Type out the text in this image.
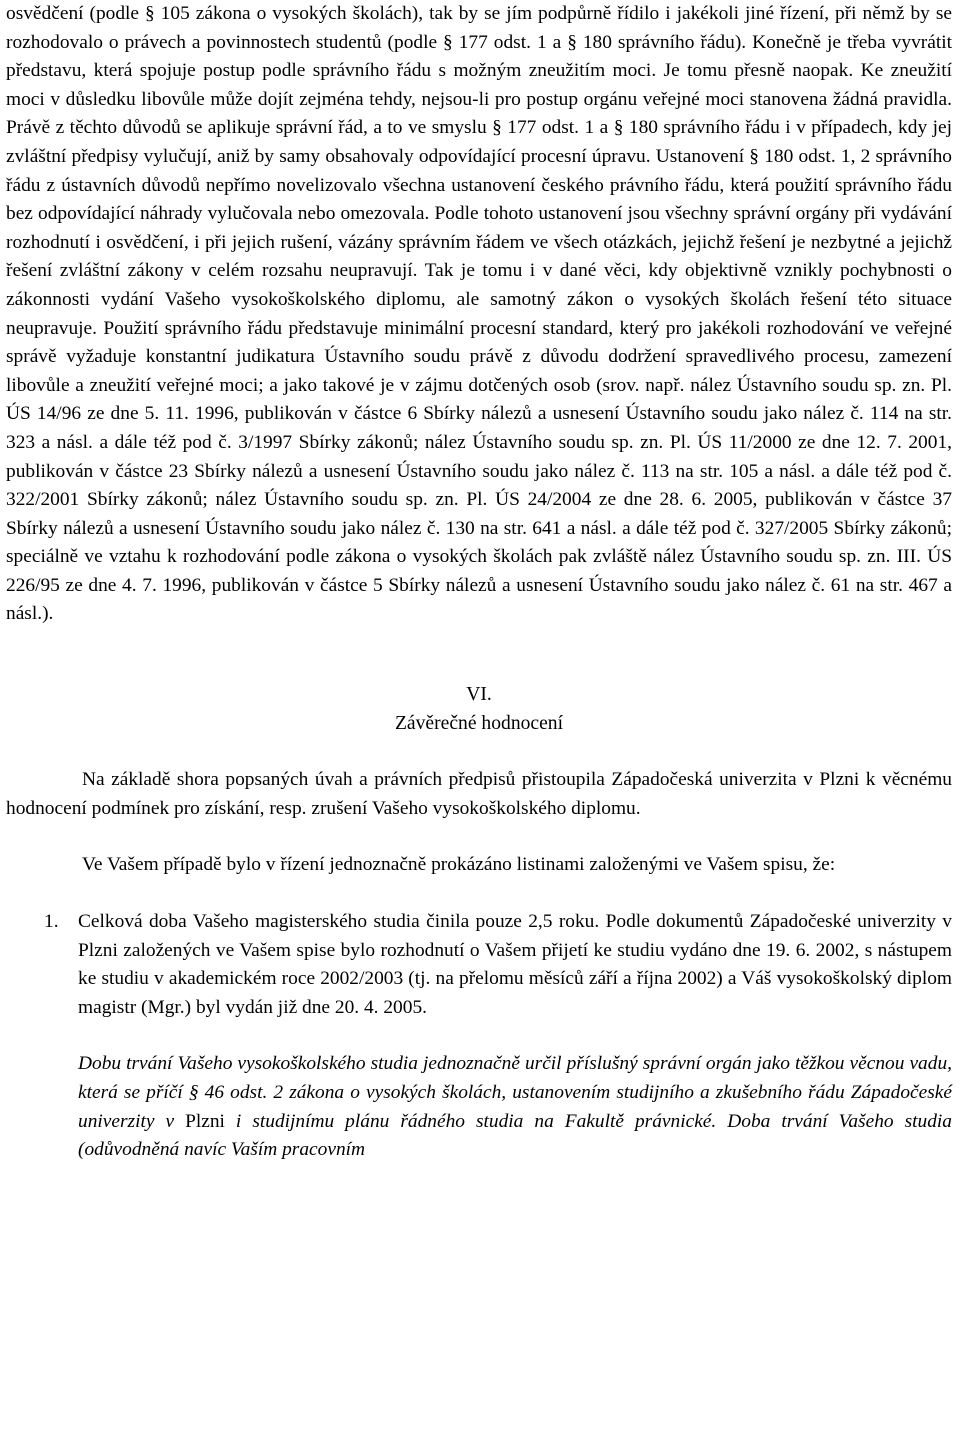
osvědčení (podle § 105 zákona o vysokých školách), tak by se jím podpůrně řídilo i jakékoli jiné řízení, při němž by se rozhodovalo o právech a povinnostech studentů (podle § 177 odst. 1 a § 180 správního řádu). Konečně je třeba vyvrátit představu, která spojuje postup podle správního řádu s možným zneužitím moci. Je tomu přesně naopak. Ke zneužití moci v důsledku libovůle může dojít zejména tehdy, nejsou-li pro postup orgánu veřejné moci stanovena žádná pravidla. Právě z těchto důvodů se aplikuje správní řád, a to ve smyslu § 177 odst. 1 a § 180 správního řádu i v případech, kdy jej zvláštní předpisy vylučují, aniž by samy obsahovaly odpovídající procesní úpravu. Ustanovení § 180 odst. 1, 2 správního řádu z ústavních důvodů nepřímo novelizovalo všechna ustanovení českého právního řádu, která použití správního řádu bez odpovídající náhrady vylučovala nebo omezovala. Podle tohoto ustanovení jsou všechny správní orgány při vydávání rozhodnutí i osvědčení, i při jejich rušení, vázány správním řádem ve všech otázkách, jejichž řešení je nezbytné a jejichž řešení zvláštní zákony v celém rozsahu neupravují. Tak je tomu i v dané věci, kdy objektivně vznikly pochybnosti o zákonnosti vydání Vašeho vysokoškolského diplomu, ale samotný zákon o vysokých školách řešení této situace neupravuje. Použití správního řádu představuje minimální procesní standard, který pro jakékoli rozhodování ve veřejné správě vyžaduje konstantní judikatura Ústavního soudu právě z důvodu dodržení spravedlivého procesu, zamezení libovůle a zneužití veřejné moci; a jako takové je v zájmu dotčených osob (srov. např. nález Ústavního soudu sp. zn. Pl. ÚS 14/96 ze dne 5. 11. 1996, publikován v částce 6 Sbírky nálezů a usnesení Ústavního soudu jako nález č. 114 na str. 323 a násl. a dále též pod č. 3/1997 Sbírky zákonů; nález Ústavního soudu sp. zn. Pl. ÚS 11/2000 ze dne 12. 7. 2001, publikován v částce 23 Sbírky nálezů a usnesení Ústavního soudu jako nález č. 113 na str. 105 a násl. a dále též pod č. 322/2001 Sbírky zákonů; nález Ústavního soudu sp. zn. Pl. ÚS 24/2004 ze dne 28. 6. 2005, publikován v částce 37 Sbírky nálezů a usnesení Ústavního soudu jako nález č. 130 na str. 641 a násl. a dále též pod č. 327/2005 Sbírky zákonů; speciálně ve vztahu k rozhodování podle zákona o vysokých školách pak zvláště nález Ústavního soudu sp. zn. III. ÚS 226/95 ze dne 4. 7. 1996, publikován v částce 5 Sbírky nálezů a usnesení Ústavního soudu jako nález č. 61 na str. 467 a násl.).

VI.

Závěrečné hodnocení

Na základě shora popsaných úvah a právních předpisů přistoupila Západočeská univerzita v Plzni k věcnému hodnocení podmínek pro získání, resp. zrušení Vašeho vysokoškolského diplomu.

Ve Vašem případě bylo v řízení jednoznačně prokázáno listinami založenými ve Vašem spisu, že:

1.	Celková doba Vašeho magisterského studia činila pouze 2,5 roku. Podle dokumentů Západočeské univerzity v Plzni založených ve Vašem spise bylo rozhodnutí o Vašem přijetí ke studiu vydáno dne 19. 6. 2002, s nástupem ke studiu v akademickém roce 2002/2003 (tj. na přelomu měsíců září a října 2002) a Váš vysokoškolský diplom magistr (Mgr.) byl vydán již dne 20. 4. 2005.

Dobu trvání Vašeho vysokoškolského studia jednoznačně určil příslušný správní orgán jako těžkou věcnou vadu, která se příčí § 46 odst. 2 zákona o vysokých školách, ustanovením studijního a zkušebního řádu Západočeské univerzity v Plzni i studijnímu plánu řádného studia na Fakultě právnické. Doba trvání Vašeho studia (odůvodněná navíc Vaším pracovním
